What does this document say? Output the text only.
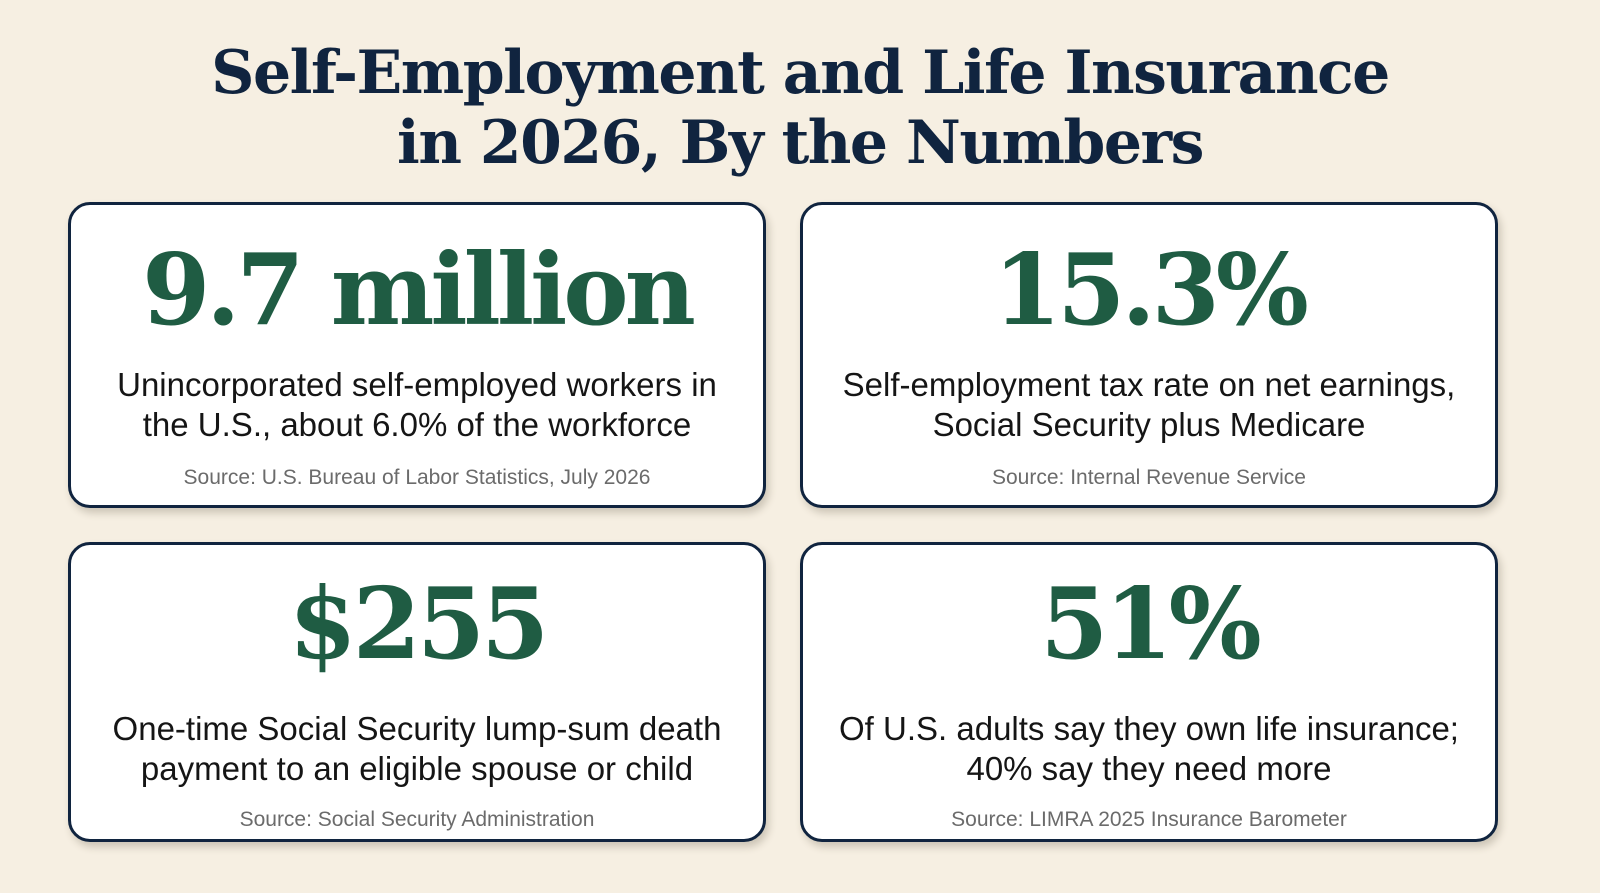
Self-Employment and Life Insurance
in 2026, By the Numbers
9.7 million
Unincorporated self-employed workers in
the U.S., about 6.0% of the workforce
Source: U.S. Bureau of Labor Statistics, July 2026
15.3%
Self-employment tax rate on net earnings,
Social Security plus Medicare
Source: Internal Revenue Service
$255
One-time Social Security lump-sum death
payment to an eligible spouse or child
Source: Social Security Administration
51%
Of U.S. adults say they own life insurance;
40% say they need more
Source: LIMRA 2025 Insurance Barometer
